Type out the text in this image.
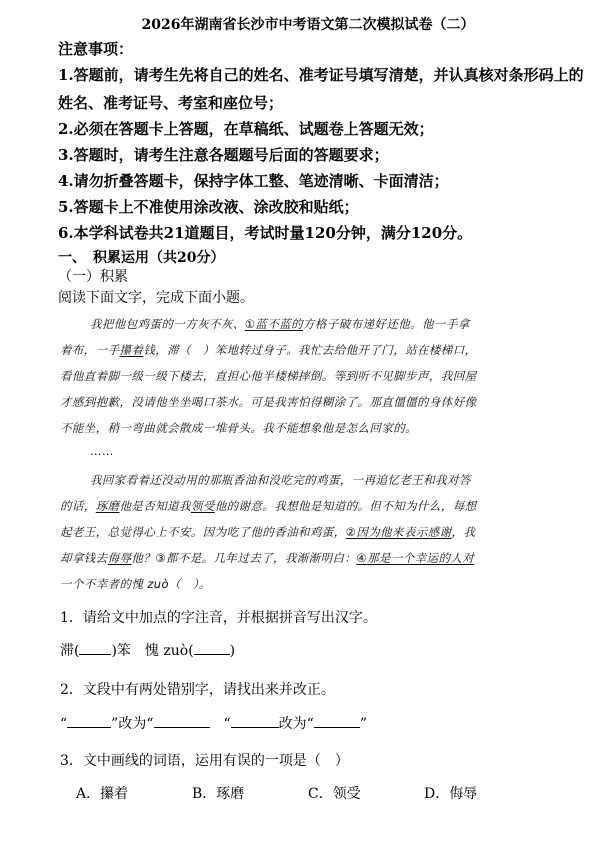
2026年湖南省长沙市中考语文第二次模拟试卷（二）
注意事项：
1.答题前，请考生先将自己的姓名、准考证号填写清楚，并认真核对条形码上的
姓名、准考证号、考室和座位号；
2.必须在答题卡上答题，在草稿纸、试题卷上答题无效；
3.答题时，请考生注意各题题号后面的答题要求；
4.请勿折叠答题卡，保持字体工整、笔迹清晰、卡面清洁；
5.答题卡上不准使用涂改液、涂改胶和贴纸；
6.本学科试卷共21道题目，考试时量120分钟，满分120分。
一、　积累运用（共20分）
（一）积累
阅读下面文字，完成下面小题。
我把他包鸡蛋的一方灰不灰、①蓝不蓝的方格子破布递好还他。他一手拿
着布，一手攥着钱，滞（　）笨地转过身子。我忙去给他开了门，站在楼梯口，
看他直着脚一级一级下楼去，直担心他半楼梯摔倒。等到听不见脚步声，我回屋
才感到抱歉，没请他坐坐喝口茶水。可是我害怕得糊涂了。那直僵僵的身体好像
不能坐，稍一弯曲就会散成一堆骨头。我不能想象他是怎么回家的。
……
我回家看着还没动用的那瓶香油和没吃完的鸡蛋，一再追忆老王和我对答
的话，琢磨他是否知道我领受他的谢意。我想他是知道的。但不知为什么，每想
起老王，总觉得心上不安。因为吃了他的香油和鸡蛋，②因为他来表示感谢，我
却拿钱去侮辱他？③都不是。几年过去了，我渐渐明白：④那是一个幸运的人对
一个不幸者的愧 zuò（　）。
1．请给文中加点的字注音，并根据拼音写出汉字。
滞( )笨　愧 zuò(	)
2．文段中有两处错别字，请找出来并改正。
“	”改为“	　“	改为“	”
3．文中画线的词语，运用有误的一项是（　）
A．攥着	B．琢磨	C．领受	D．侮辱
